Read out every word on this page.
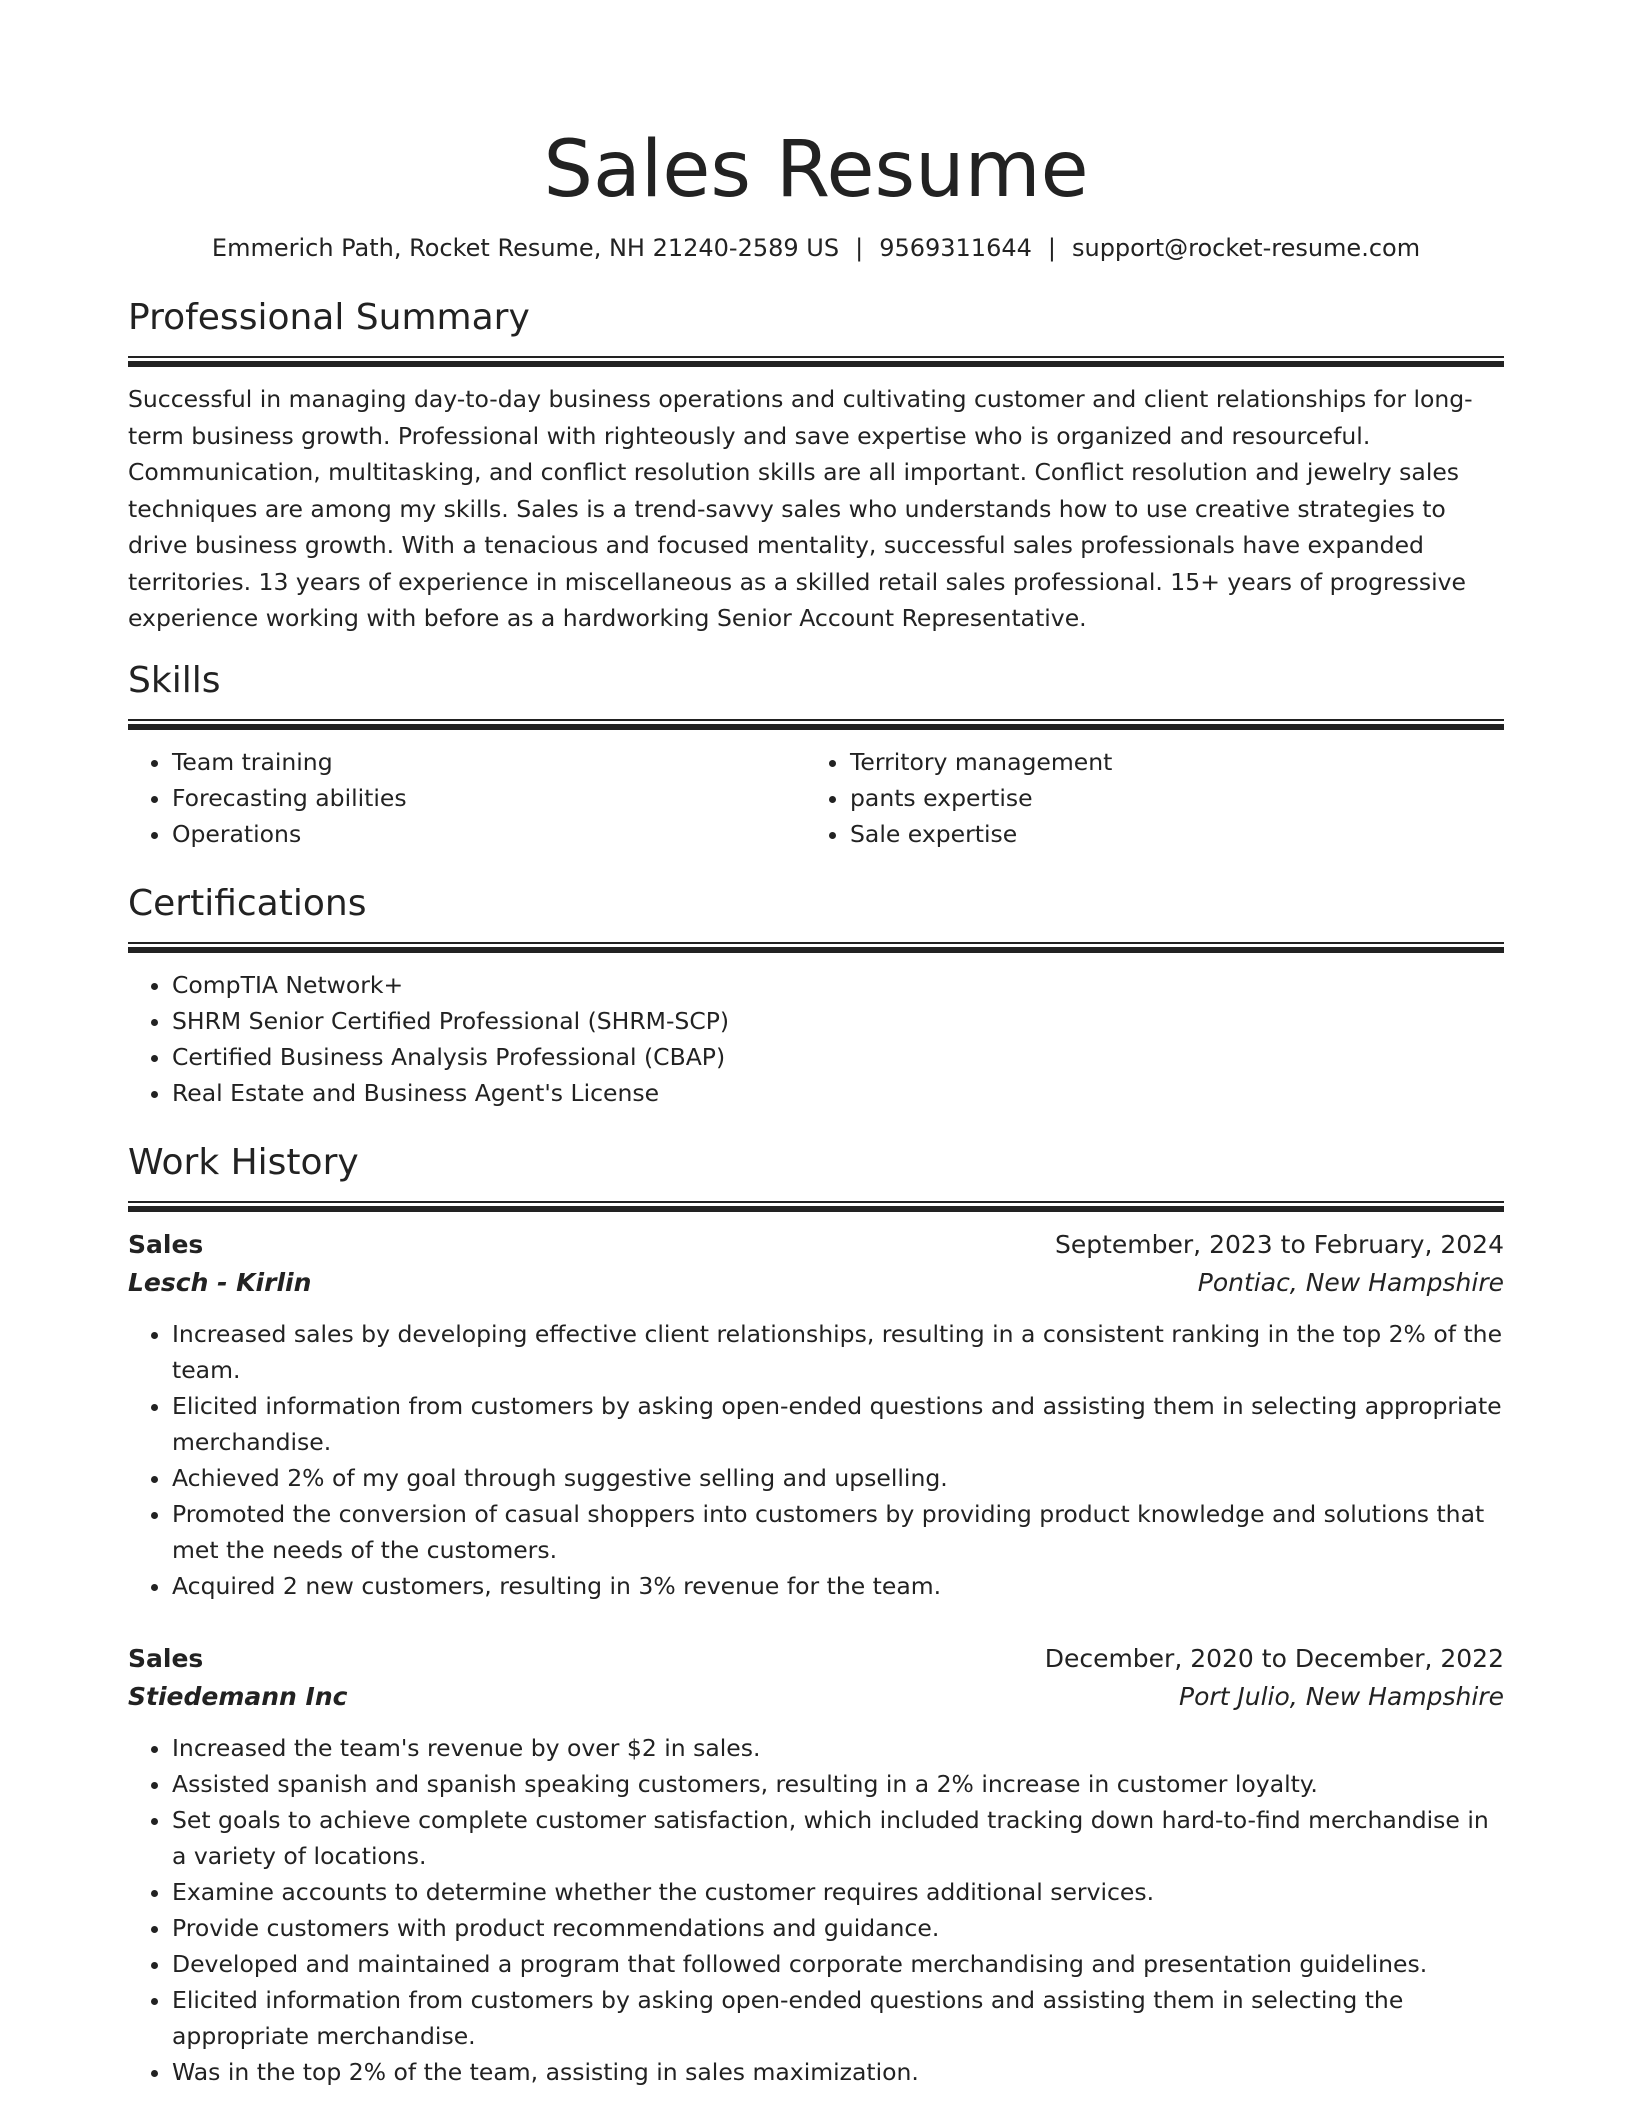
Sales Resume
Emmerich Path, Rocket Resume, NH 21240-2589 US | 9569311644 | support@rocket-resume.com
Professional Summary
Successful in managing day-to-day business operations and cultivating customer and client relationships for long-term business growth. Professional with righteously and save expertise who is organized and resourceful. Communication, multitasking, and conflict resolution skills are all important. Conflict resolution and jewelry sales techniques are among my skills. Sales is a trend-savvy sales who understands how to use creative strategies to drive business growth. With a tenacious and focused mentality, successful sales professionals have expanded territories. 13 years of experience in miscellaneous as a skilled retail sales professional. 15+ years of progressive experience working with before as a hardworking Senior Account Representative.
Skills
• Team training
• Forecasting abilities
• Operations
• Territory management
• pants expertise
• Sale expertise
Certifications
• CompTIA Network+
• SHRM Senior Certified Professional (SHRM-SCP)
• Certified Business Analysis Professional (CBAP)
• Real Estate and Business Agent's License
Work History
Sales	September, 2023 to February, 2024
Lesch - Kirlin	Pontiac, New Hampshire
• Increased sales by developing effective client relationships, resulting in a consistent ranking in the top 2% of the team.
• Elicited information from customers by asking open-ended questions and assisting them in selecting appropriate merchandise.
• Achieved 2% of my goal through suggestive selling and upselling.
• Promoted the conversion of casual shoppers into customers by providing product knowledge and solutions that met the needs of the customers.
• Acquired 2 new customers, resulting in 3% revenue for the team.
Sales	December, 2020 to December, 2022
Stiedemann Inc	Port Julio, New Hampshire
• Increased the team's revenue by over $2 in sales.
• Assisted spanish and spanish speaking customers, resulting in a 2% increase in customer loyalty.
• Set goals to achieve complete customer satisfaction, which included tracking down hard-to-find merchandise in a variety of locations.
• Examine accounts to determine whether the customer requires additional services.
• Provide customers with product recommendations and guidance.
• Developed and maintained a program that followed corporate merchandising and presentation guidelines.
• Elicited information from customers by asking open-ended questions and assisting them in selecting the appropriate merchandise.
• Was in the top 2% of the team, assisting in sales maximization.
